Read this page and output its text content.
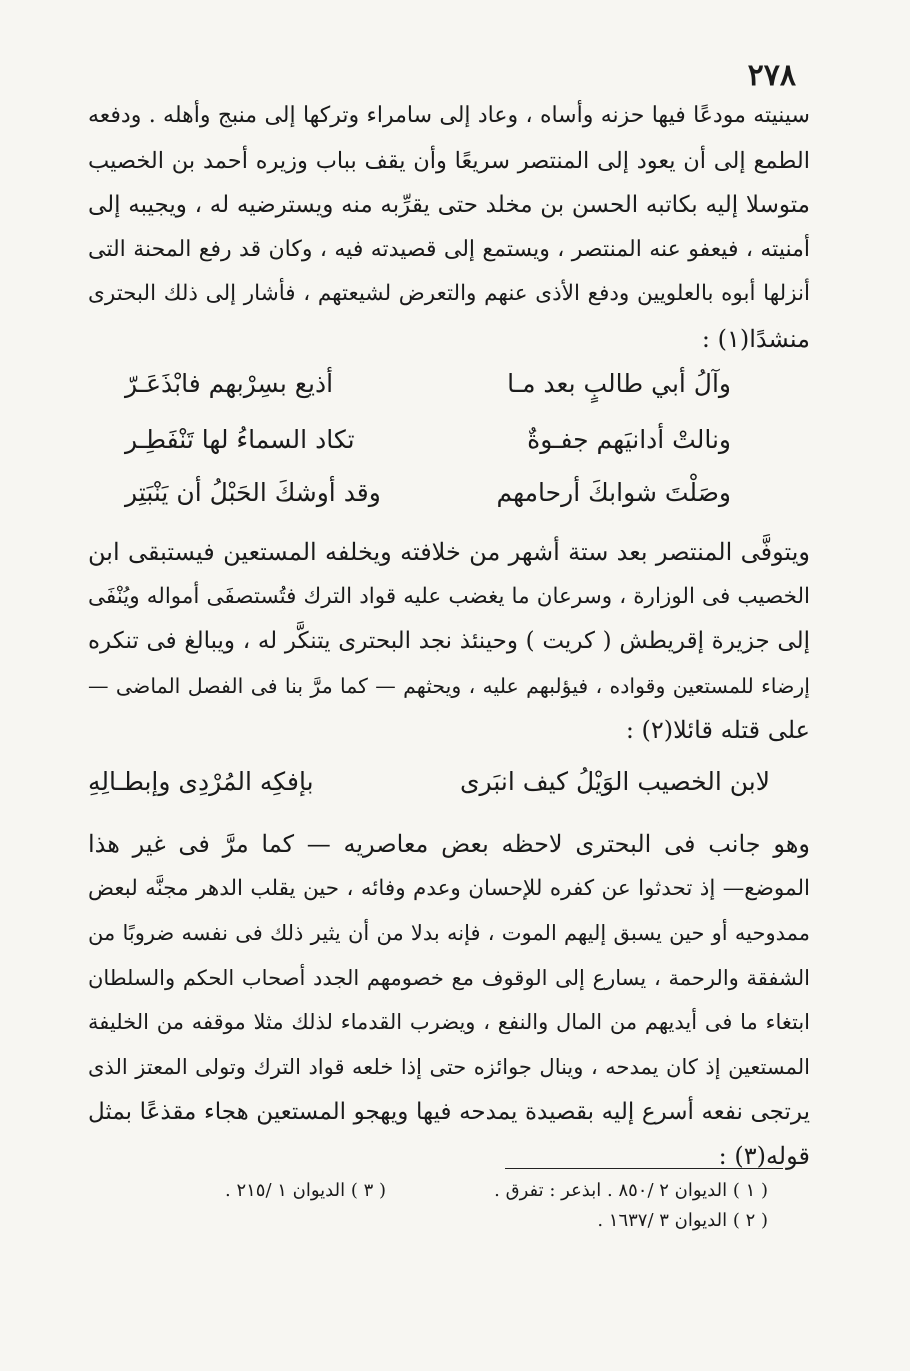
٢٧٨
سينيته مودعًا فيها حزنه وأساه ، وعاد إلى سامراء وتركها إلى منبج وأهله . ودفعه
الطمع إلى أن يعود إلى المنتصر سريعًا وأن يقف بباب وزيره أحمد بن الخصيب
متوسلا إليه بكاتبه الحسن بن مخلد حتى يقرِّبه منه ويسترضيه له ، ويجيبه إلى
أمنيته ، فيعفو عنه المنتصر ، ويستمع إلى قصيدته فيه ، وكان قد رفع المحنة التى
أنزلها أبوه بالعلويين ودفع الأذى عنهم والتعرض لشيعتهم ، فأشار إلى ذلك البحترى
منشدًا(١) :
وآلُ أبي طالبٍ بعد مـا
أذيع بسِرْبهم فابْذَعَـرّ
ونالتْ أدانيَهم جفـوةٌ
تكاد السماءُ لها تَنْفَطِـر
وصَلْتَ شوابكَ أرحامهم
وقد أوشكَ الحَبْلُ أن يَنْبَتِر
ويتوفَّى المنتصر بعد ستة أشهر من خلافته ويخلفه المستعين فيستبقى ابن
الخصيب فى الوزارة ، وسرعان ما يغضب عليه قواد الترك فتُستصفَى أمواله ويُنْفَى
إلى جزيرة إقريطش ( كريت ) وحينئذ نجد البحترى يتنكَّر له ، ويبالغ فى تنكره
إرضاء للمستعين وقواده ، فيؤلبهم عليه ، ويحثهم — كما مرَّ بنا فى الفصل الماضى —
على قتله قائلا(٢) :
لابن الخصيب الوَيْلُ كيف انبَرى
بإفكِه المُرْدِى وإبطـالِهِ
وهو جانب فى البحترى لاحظه بعض معاصريه — كما مرَّ فى غير هذا
الموضع— إذ تحدثوا عن كفره للإحسان وعدم وفائه ، حين يقلب الدهر مجنَّه لبعض
ممدوحيه أو حين يسبق إليهم الموت ، فإنه بدلا من أن يثير ذلك فى نفسه ضروبًا من
الشفقة والرحمة ، يسارع إلى الوقوف مع خصومهم الجدد أصحاب الحكم والسلطان
ابتغاء ما فى أيديهم من المال والنفع ، ويضرب القدماء لذلك مثلا موقفه من الخليفة
المستعين إذ كان يمدحه ، وينال جوائزه حتى إذا خلعه قواد الترك وتولى المعتز الذى
يرتجى نفعه أسرع إليه بقصيدة يمدحه فيها ويهجو المستعين هجاء مقذعًا بمثل
قوله(٣) :
( ١ ) الديوان ٢ /٨٥٠ . ابذعر : تفرق .
( ٢ ) الديوان ٣ /١٦٣٧ .
( ٣ ) الديوان ١ /٢١٥ .
